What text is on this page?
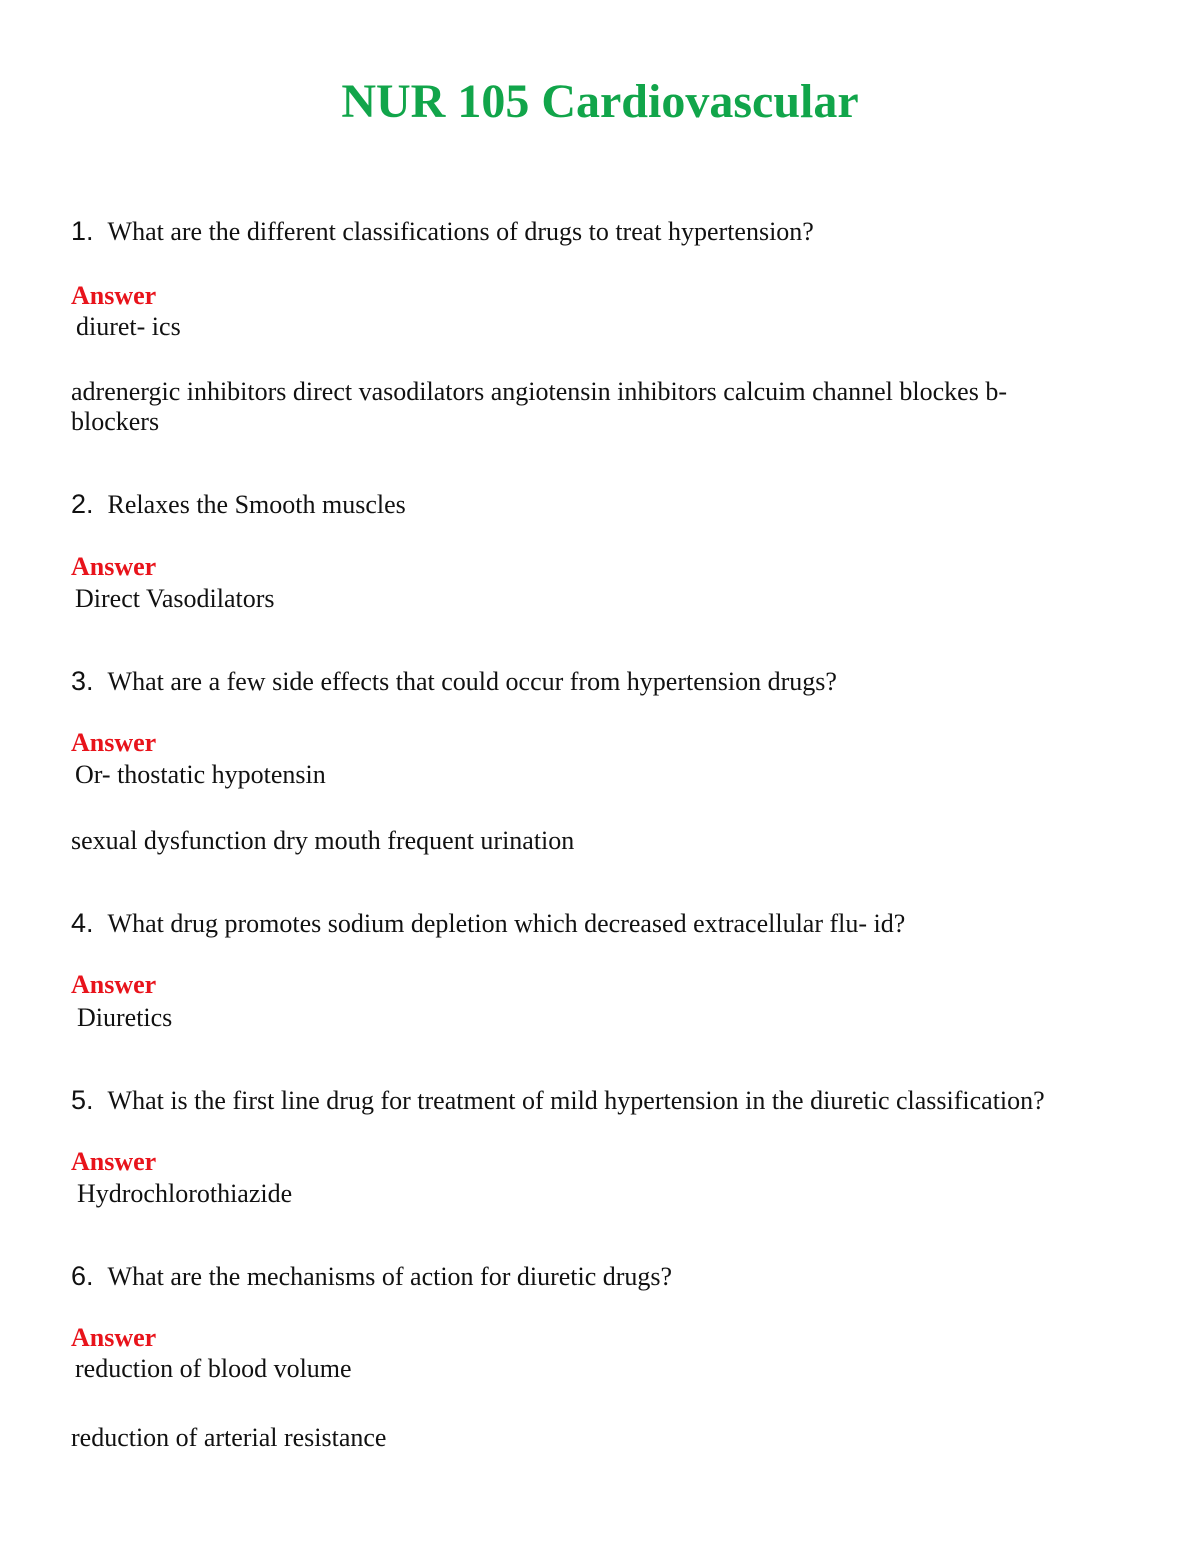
NUR 105 Cardiovascular
1. What are the different classifications of drugs to treat hypertension?
Answer
diuret- ics
adrenergic inhibitors direct vasodilators angiotensin inhibitors calcuim channel blockes b- blockers
2. Relaxes the Smooth muscles
Answer
Direct Vasodilators
3. What are a few side effects that could occur from hypertension drugs?
Answer
Or- thostatic hypotensin
sexual dysfunction dry mouth frequent urination
4. What drug promotes sodium depletion which decreased extracellular flu- id?
Answer
Diuretics
5. What is the first line drug for treatment of mild hypertension in the diuretic classification?
Answer
Hydrochlorothiazide
6. What are the mechanisms of action for diuretic drugs?
Answer
reduction of blood volume
reduction of arterial resistance
